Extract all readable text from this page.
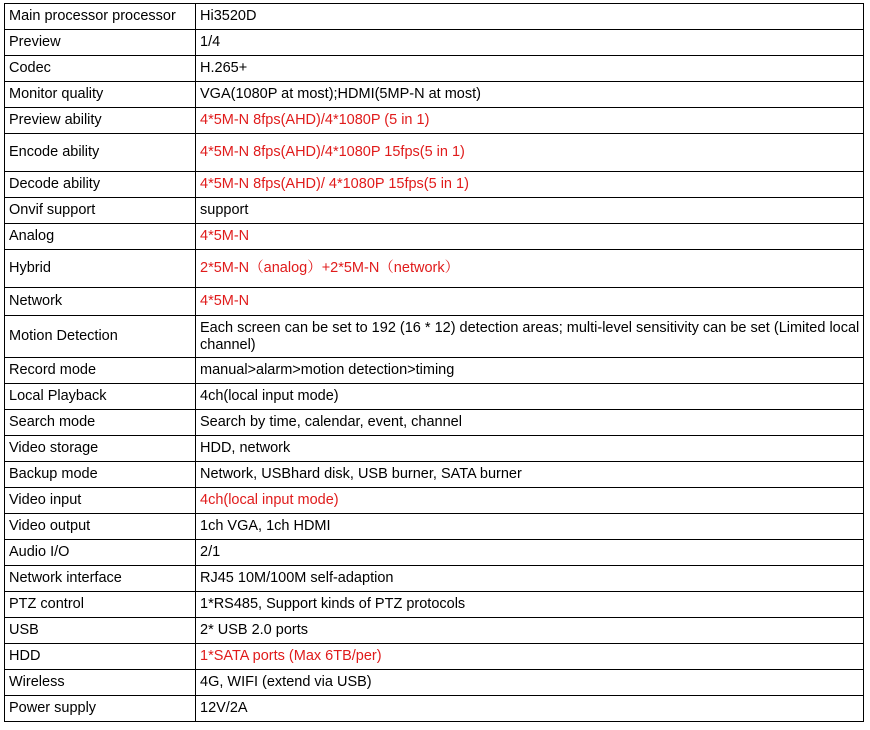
Main processor processor	Hi3520D
Preview	1/4
Codec	H.265+
Monitor quality	VGA(1080P at most);HDMI(5MP-N at most)
Preview ability	4*5M-N 8fps(AHD)/4*1080P (5 in 1)
Encode ability	4*5M-N 8fps(AHD)/4*1080P 15fps(5 in 1)
Decode ability	4*5M-N 8fps(AHD)/ 4*1080P 15fps(5 in 1)
Onvif support	support
Analog	4*5M-N
Hybrid	2*5M-N（analog）+2*5M-N（network）
Network	4*5M-N
Motion Detection	Each screen can be set to 192 (16 * 12) detection areas; multi-level sensitivity can be set (Limited local channel)
Record mode	manual>alarm>motion detection>timing
Local Playback	4ch(local input mode)
Search mode	Search by time, calendar, event, channel
Video storage	HDD, network
Backup mode	Network, USBhard disk, USB burner, SATA burner
Video input	4ch(local input mode)
Video output	1ch VGA, 1ch HDMI
Audio I/O	2/1
Network interface	RJ45 10M/100M self-adaption
PTZ control	1*RS485, Support kinds of PTZ protocols
USB	2* USB 2.0 ports
HDD	1*SATA ports (Max 6TB/per)
Wireless	4G, WIFI (extend via USB)
Power supply	12V/2A
